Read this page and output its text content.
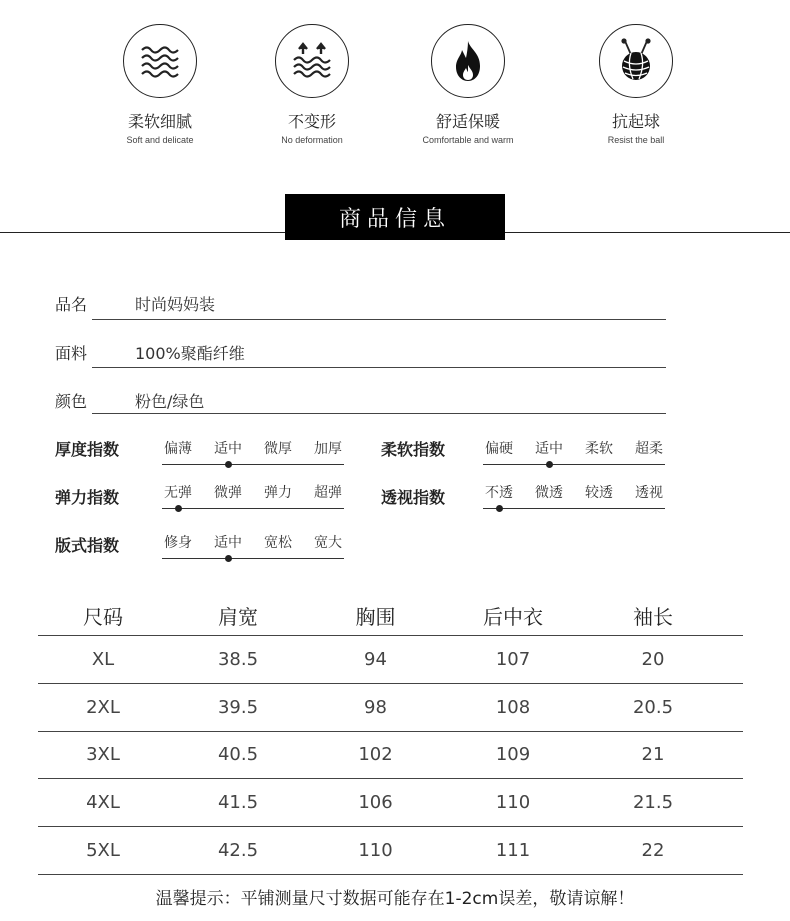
柔软细腻
Soft and delicate
不变形
No deformation
舒适保暖
Comfortable and warm
抗起球
Resist the ball
商品信息
品名	时尚妈妈装
面料	100%聚酯纤维
颜色	粉色/绿色
厚度指数	偏薄 适中 微厚 加厚 柔软指数	偏硬 适中 柔软 超柔
弹力指数	无弹 微弹 弹力 超弹 透视指数	不透 微透 较透 透视
版式指数	修身 适中 宽松 宽大
尺码	肩宽	胸围	后中衣	袖长
XL	38.5	94	107	20
2XL	39.5	98	108	20.5
3XL	40.5	102	109	21
4XL	41.5	106	110	21.5
5XL	42.5	110	111	22
温馨提示：平铺测量尺寸数据可能存在1-2cm误差，敬请谅解！
